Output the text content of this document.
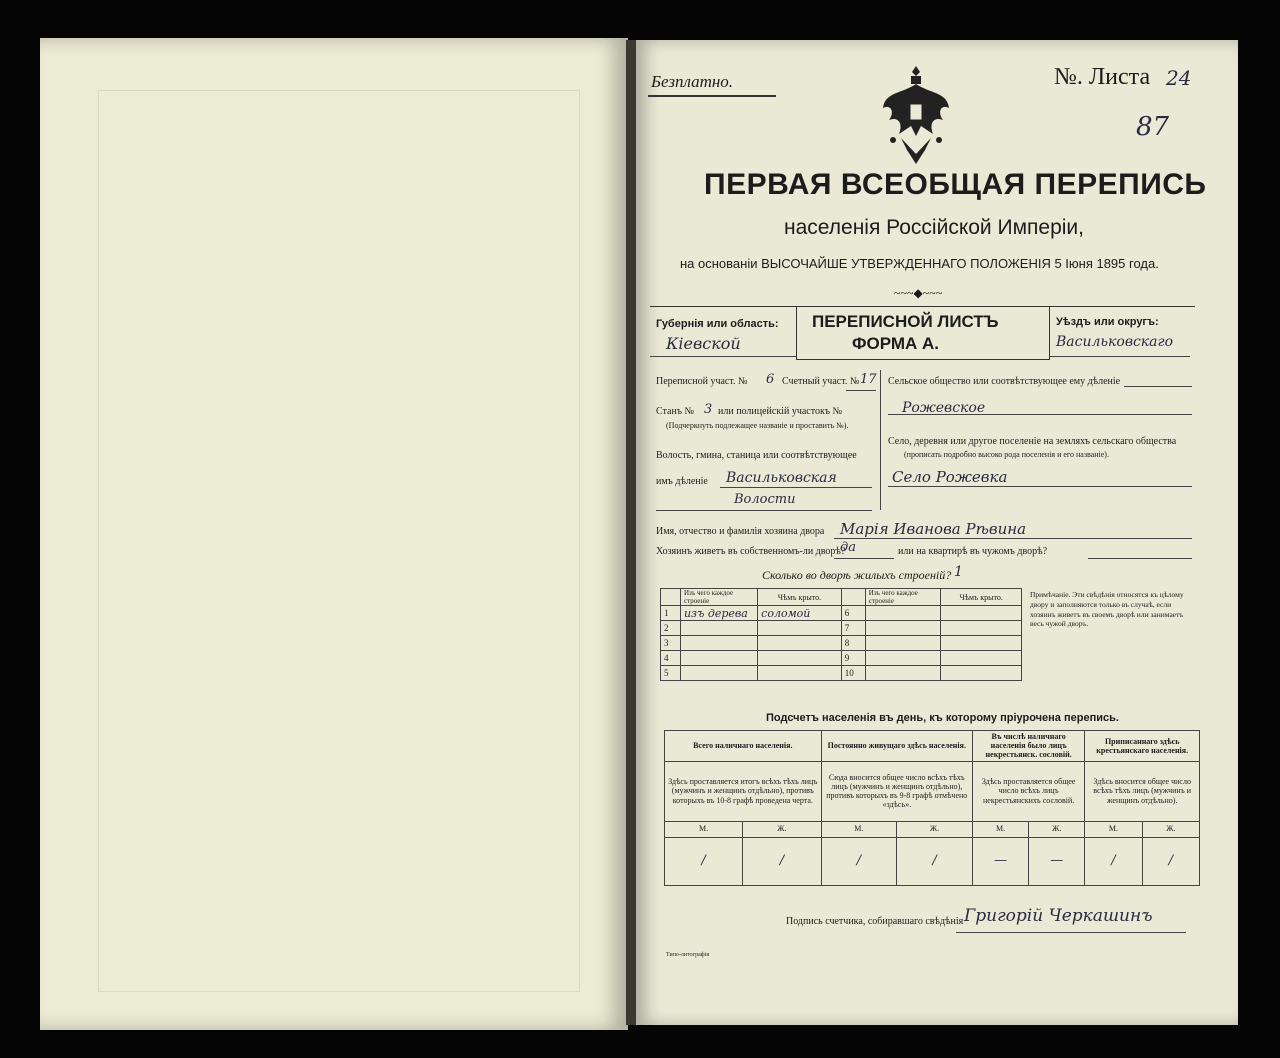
Безплатно.	№. Листа 24
87
ПЕРВАЯ ВСЕОБЩАЯ ПЕРЕПИСЬ
населенія Россійской Имперіи,
на основаніи ВЫСОЧАЙШЕ УТВЕРЖДЕННАГО ПОЛОЖЕНІЯ 5 Іюня 1895 года.
~~~◆~~~
Губернія или область:
Кіевской
ПЕРЕПИСНОЙ ЛИСТЪ
ФОРМА А.
Уѣздъ или округъ:
Васильковскаго
Переписной участ. № 6 Счетный участ. № 17
Станъ № 3 или полицейскій участокъ №
(Подчеркнуть подлежащее названіе и проставить №).
Волость, гмина, станица или соотвѣтствующее
имъ дѣленіе Васильковская
Волости
Сельское общество или соотвѣтствующее ему дѣленіе
Рожевское
Село, деревня или другое поселеніе на земляхъ сельскаго общества
(прописать подробно высоко рода поселенія и его названіе).
Село Рожевка
Имя, отчество и фамилія хозяина двора Марія Иванова Рѣвина
Хозяинъ живетъ въ собственномъ-ли дворѣ?
да	или на квартирѣ въ чужомъ дворѣ?
Сколько во дворѣ жилыхъ строеній? 1
	Изъ чего каждое строеніе	Чѣмъ крыто.		Изъ чего каждое строеніе	Чѣмъ крыто.
1	изъ дерева	соломой	6		
2			7		
3			8		
4			9		
5			10		
Примѣчаніе. Эти свѣдѣнія относятся къ цѣлому двору и заполняются только въ случаѣ, если хозяинъ живетъ въ своемъ дворѣ или занимаетъ весь чужой дворъ.
Подсчетъ населенія въ день, къ которому пріурочена перепись.
Всего наличнаго населенія.		Постоянно живущаго здѣсь населенія.		Въ числѣ наличнаго населенія было лицъ некрестьянск. сословій.		Приписаннаго здѣсь крестьянскаго населенія.	
Здѣсь проставляется итогъ всѣхъ тѣхъ лицъ (мужчинъ и женщинъ отдѣльно), противъ которыхъ въ 10-8 графѣ проведена черта.		Сюда вносится общее число всѣхъ тѣхъ лицъ (мужчинъ и женщинъ отдѣльно), противъ которыхъ въ 9-8 графѣ отмѣчено «здѣсь».		Здѣсь проставляется общее число всѣхъ лицъ некрестьянскихъ сословій.		Здѣсь вносится общее число всѣхъ тѣхъ лицъ (мужчинъ и женщинъ отдѣльно).	
М.	Ж.	М.	Ж.	М.	Ж.	М.	Ж.
/	/	/	/	—	—	/	/
Подпись счетчика, собиравшаго свѣдѣнія Григорій Черкашинъ
Типо-литографія
